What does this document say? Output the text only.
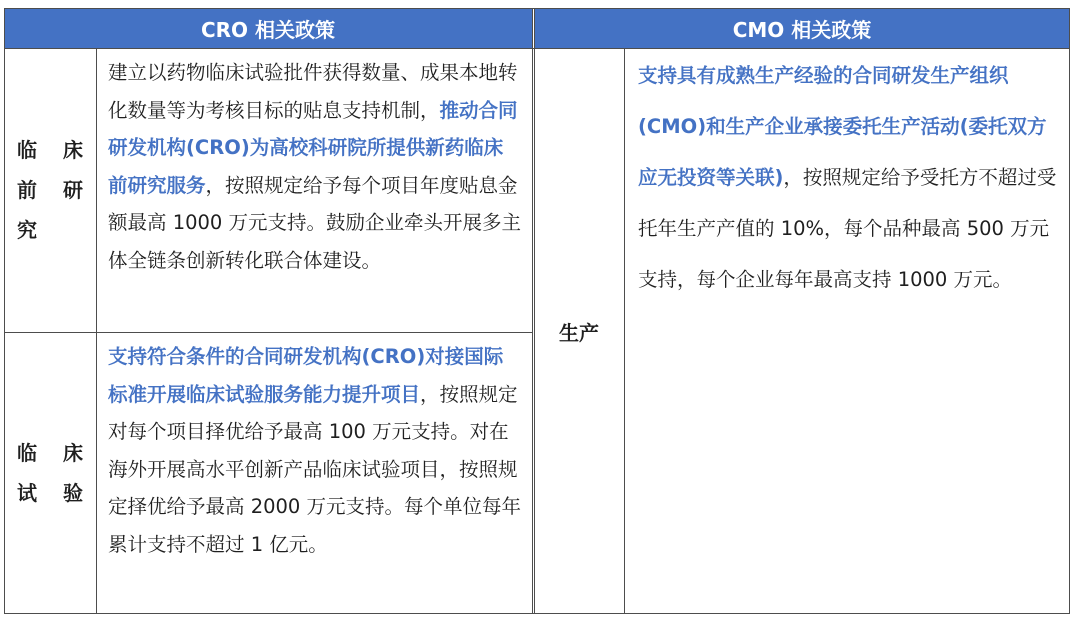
CRO 相关政策	CMO 相关政策
临 床 前 研 究
建立以药物临床试验批件获得数量、成果本地转化数量等为考核目标的贴息支持机制，推动合同研发机构(CRO)为高校科研院所提供新药临床前研究服务，按照规定给予每个项目年度贴息金额最高 1000 万元支持。鼓励企业牵头开展多主体全链条创新转化联合体建设。
临 床 试验
支持符合条件的合同研发机构(CRO)对接国际标准开展临床试验服务能力提升项目，按照规定对每个项目择优给予最高 100 万元支持。对在海外开展高水平创新产品临床试验项目，按照规定择优给予最高 2000 万元支持。每个单位每年累计支持不超过 1 亿元。
生产
支持具有成熟生产经验的合同研发生产组织(CMO)和生产企业承接委托生产活动(委托双方应无投资等关联)，按照规定给予受托方不超过受托年生产产值的 10%，每个品种最高 500 万元支持，每个企业每年最高支持 1000 万元。
